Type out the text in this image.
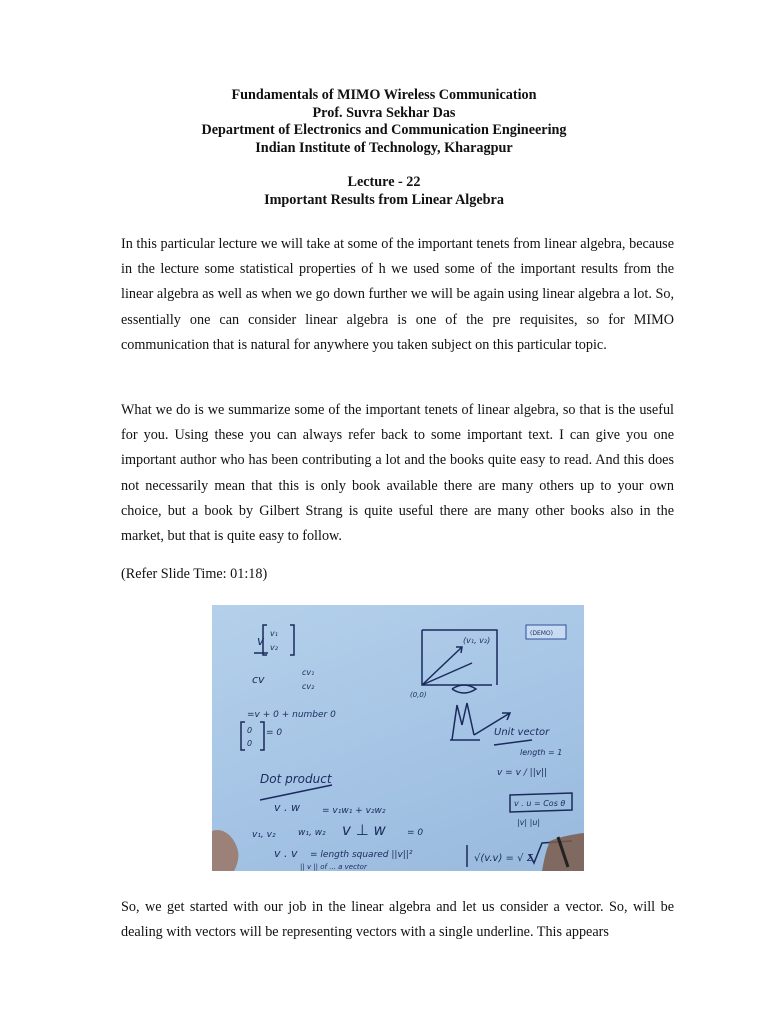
Fundamentals of MIMO Wireless Communication
Prof. Suvra Sekhar Das
Department of Electronics and Communication Engineering
Indian Institute of Technology, Kharagpur
Lecture - 22
Important Results from Linear Algebra
In this particular lecture we will take at some of the important tenets from linear algebra, because in the lecture some statistical properties of h we used some of the important results from the linear algebra as well as when we go down further we will be again using linear algebra a lot. So, essentially one can consider linear algebra is one of the pre requisites, so for MIMO communication that is natural for anywhere you taken subject on this particular topic.
What we do is we summarize some of the important tenets of linear algebra, so that is the useful for you. Using these you can always refer back to some important text. I can give you one important author who has been contributing a lot and the books quite easy to read. And this does not necessarily mean that this is only book available there are many others up to your own choice, but a book by Gilbert Strang is quite useful there are many other books also in the market, but that is quite easy to follow.
(Refer Slide Time: 01:18)
v
v₁
v₂
cv
cv₁
cv₂
=v + 0 + number 0
= 0
0
0
(v₁, v₂)
(0,0)
Dot product
v . w = v₁w₁ + v₂w₂
w₁, w₂
v₁, v₂	v ⊥ w = 0
v . v = length squared ||v||²
|| v || of ... a vector
√(v.v) = √ Σ
Unit vector
length = 1
v = v / ||v||
v . u = Cos θ
|v| |u|
(DEMO)
So, we get started with our job in the linear algebra and let us consider a vector. So, will be dealing with vectors will be representing vectors with a single underline. This appears
